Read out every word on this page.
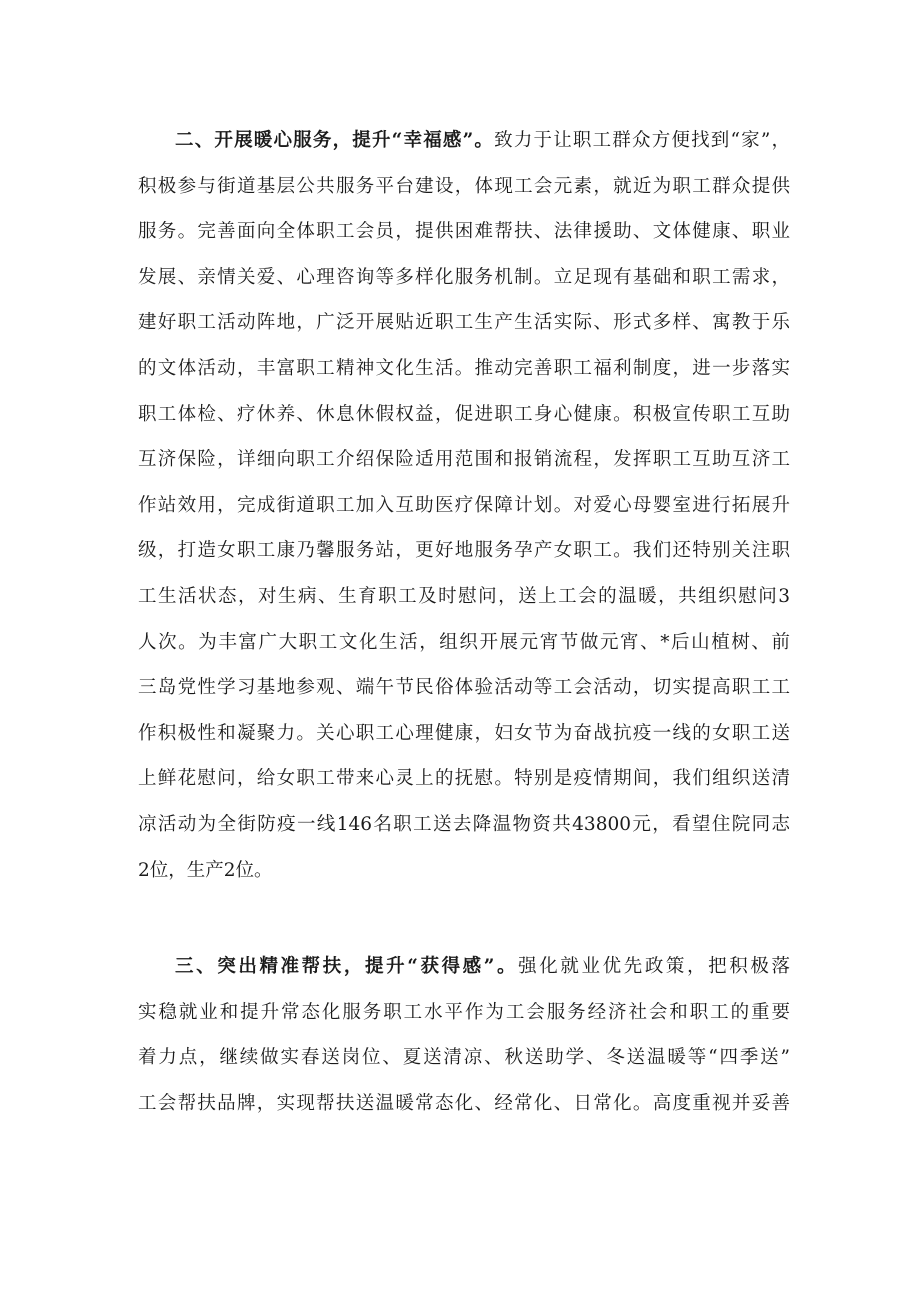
二、开展暖心服务，提升“幸福感”。致力于让职工群众方便找到“家”，
积极参与街道基层公共服务平台建设，体现工会元素，就近为职工群众提供
服务。完善面向全体职工会员，提供困难帮扶、法律援助、文体健康、职业
发展、亲情关爱、心理咨询等多样化服务机制。立足现有基础和职工需求，
建好职工活动阵地，广泛开展贴近职工生产生活实际、形式多样、寓教于乐
的文体活动，丰富职工精神文化生活。推动完善职工福利制度，进一步落实
职工体检、疗休养、休息休假权益，促进职工身心健康。积极宣传职工互助
互济保险，详细向职工介绍保险适用范围和报销流程，发挥职工互助互济工
作站效用，完成街道职工加入互助医疗保障计划。对爱心母婴室进行拓展升
级，打造女职工康乃馨服务站，更好地服务孕产女职工。我们还特别关注职
工生活状态，对生病、生育职工及时慰问，送上工会的温暖，共组织慰问3
人次。为丰富广大职工文化生活，组织开展元宵节做元宵、*后山植树、前
三岛党性学习基地参观、端午节民俗体验活动等工会活动，切实提高职工工
作积极性和凝聚力。关心职工心理健康，妇女节为奋战抗疫一线的女职工送
上鲜花慰问，给女职工带来心灵上的抚慰。特别是疫情期间，我们组织送清
凉活动为全街防疫一线146名职工送去降温物资共43800元，看望住院同志
2位，生产2位。
三、突出精准帮扶，提升“获得感”。强化就业优先政策，把积极落
实稳就业和提升常态化服务职工水平作为工会服务经济社会和职工的重要
着力点，继续做实春送岗位、夏送清凉、秋送助学、冬送温暖等“四季送”
工会帮扶品牌，实现帮扶送温暖常态化、经常化、日常化。高度重视并妥善
